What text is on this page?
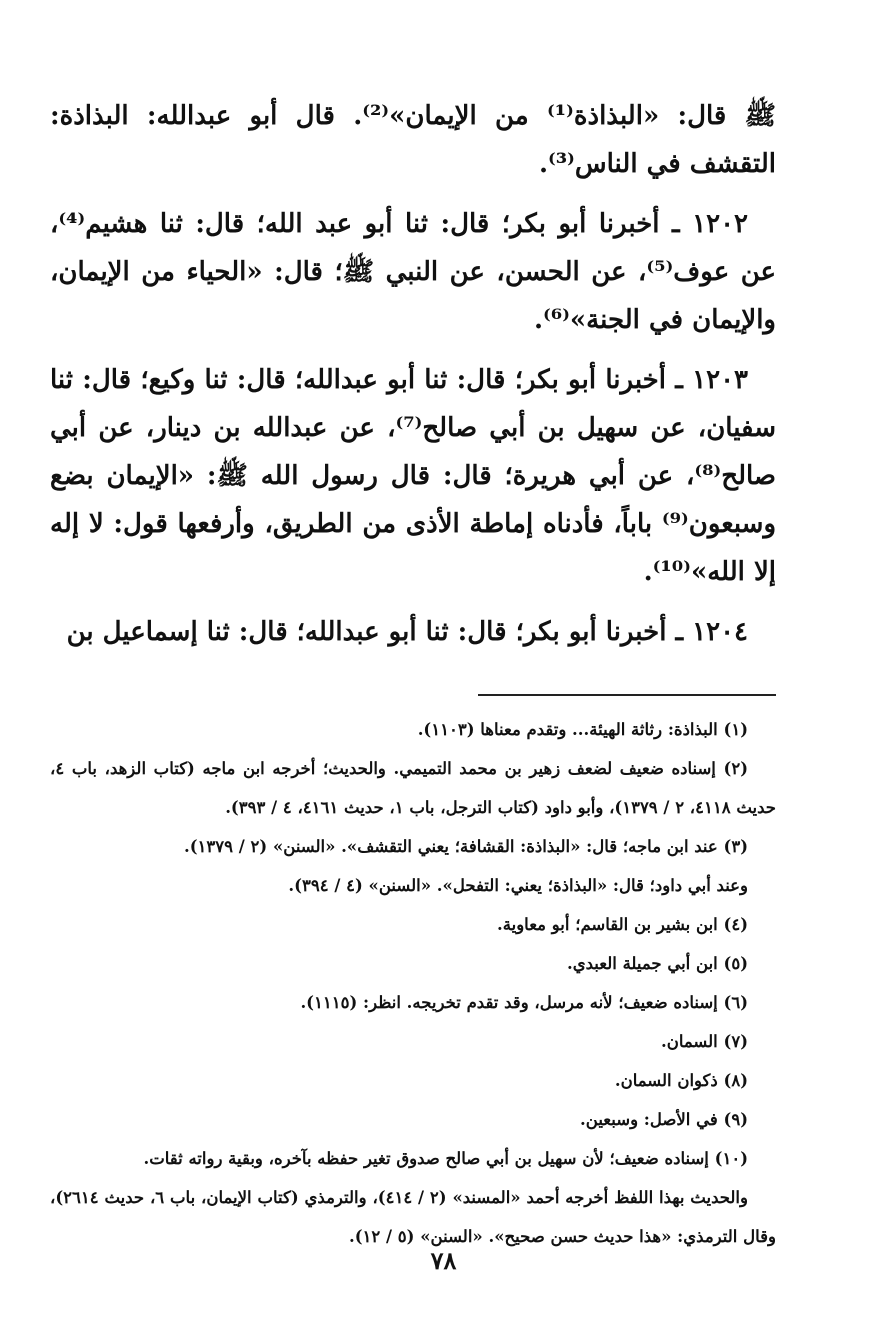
ﷺ قال: «البذاذة⁽¹⁾ من الإيمان»⁽²⁾. قال أبو عبدالله: البذاذة: التقشف في الناس⁽³⁾.

١٢٠٢ ـ أخبرنا أبو بكر؛ قال: ثنا أبو عبد الله؛ قال: ثنا هشيم⁽⁴⁾، عن عوف⁽⁵⁾، عن الحسن، عن النبي ﷺ؛ قال: «الحياء من الإيمان، والإيمان في الجنة»⁽⁶⁾.

١٢٠٣ ـ أخبرنا أبو بكر؛ قال: ثنا أبو عبدالله؛ قال: ثنا وكيع؛ قال: ثنا سفيان، عن سهيل بن أبي صالح⁽⁷⁾، عن عبدالله بن دينار، عن أبي صالح⁽⁸⁾، عن أبي هريرة؛ قال: قال رسول الله ﷺ: «الإيمان بضع وسبعون⁽⁹⁾ باباً، فأدناه إماطة الأذى من الطريق، وأرفعها قول: لا إله إلا الله»⁽¹⁰⁾.

١٢٠٤ ـ أخبرنا أبو بكر؛ قال: ثنا أبو عبدالله؛ قال: ثنا إسماعيل بن

(١) البذاذة: رثاثة الهيئة... وتقدم معناها (١١٠٣).

(٢) إسناده ضعيف لضعف زهير بن محمد التميمي. والحديث؛ أخرجه ابن ماجه (كتاب الزهد، باب ٤، حديث ٤١١٨، ٢ / ١٣٧٩)، وأبو داود (كتاب الترجل، باب ١، حديث ٤١٦١، ٤ / ٣٩٣).

(٣) عند ابن ماجه؛ قال: «البذاذة: القشافة؛ يعني التقشف». «السنن» (٢ / ١٣٧٩).

وعند أبي داود؛ قال: «البذاذة؛ يعني: التفحل». «السنن» (٤ / ٣٩٤).

(٤) ابن بشير بن القاسم؛ أبو معاوية.

(٥) ابن أبي جميلة العبدي.

(٦) إسناده ضعيف؛ لأنه مرسل، وقد تقدم تخريجه. انظر: (١١١٥).

(٧) السمان.

(٨) ذكوان السمان.

(٩) في الأصل: وسبعين.

(١٠) إسناده ضعيف؛ لأن سهيل بن أبي صالح صدوق تغير حفظه بآخره، وبقية رواته ثقات.

والحديث بهذا اللفظ أخرجه أحمد «المسند» (٢ / ٤١٤)، والترمذي (كتاب الإيمان، باب ٦، حديث ٢٦١٤)، وقال الترمذي: «هذا حديث حسن صحيح». «السنن» (٥ / ١٢).

٧٨
